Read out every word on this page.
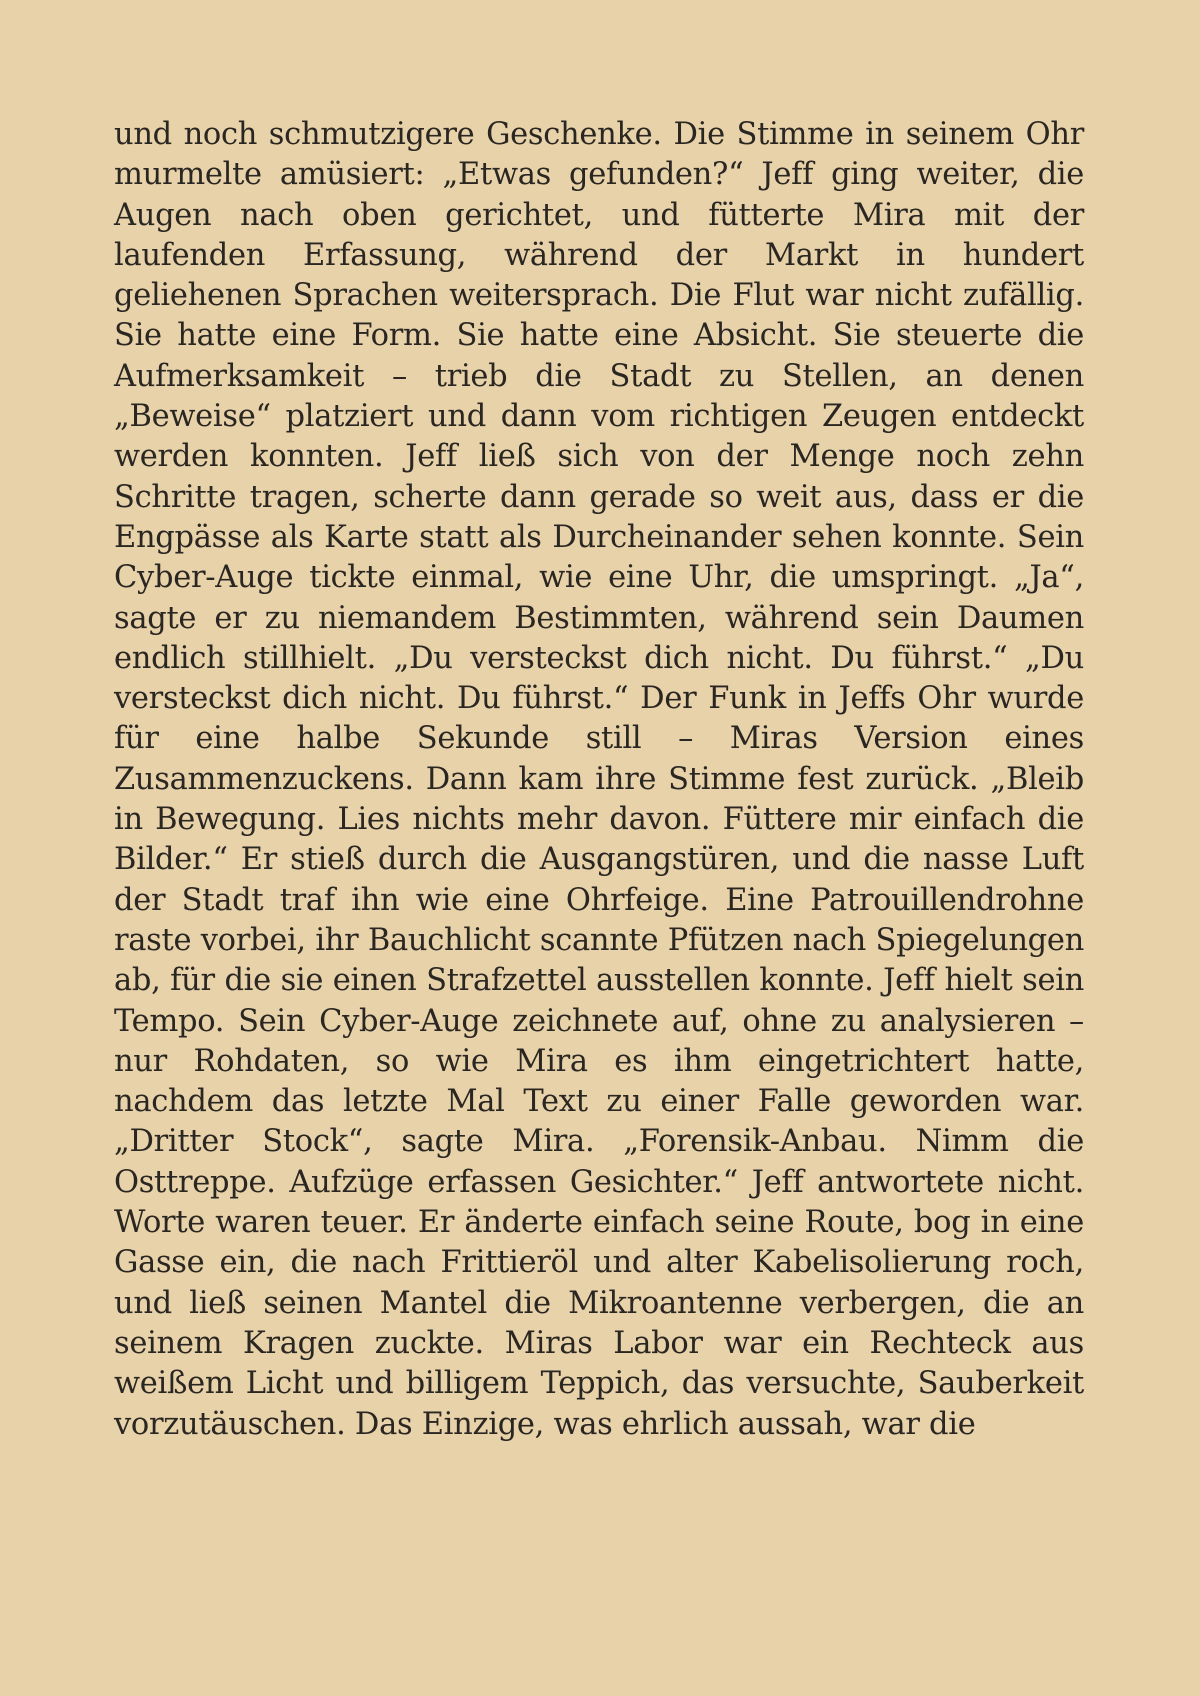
und noch schmutzigere Geschenke. Die Stimme in seinem Ohr murmelte amüsiert: „Etwas gefunden?“ Jeff ging weiter, die Augen nach oben gerichtet, und fütterte Mira mit der laufenden Erfassung, während der Markt in hundert geliehenen Sprachen weitersprach. Die Flut war nicht zufällig. Sie hatte eine Form. Sie hatte eine Absicht. Sie steuerte die Aufmerksamkeit – trieb die Stadt zu Stellen, an denen „Beweise“ platziert und dann vom richtigen Zeugen entdeckt werden konnten. Jeff ließ sich von der Menge noch zehn Schritte tragen, scherte dann gerade so weit aus, dass er die Engpässe als Karte statt als Durcheinander sehen konnte. Sein Cyber-Auge tickte einmal, wie eine Uhr, die umspringt. „Ja“, sagte er zu niemandem Bestimmten, während sein Daumen endlich stillhielt. „Du versteckst dich nicht. Du führst.“ „Du versteckst dich nicht. Du führst.“ Der Funk in Jeffs Ohr wurde für eine halbe Sekunde still – Miras Version eines Zusammenzuckens. Dann kam ihre Stimme fest zurück. „Bleib in Bewegung. Lies nichts mehr davon. Füttere mir einfach die Bilder.“ Er stieß durch die Ausgangstüren, und die nasse Luft der Stadt traf ihn wie eine Ohrfeige. Eine Patrouillendrohne raste vorbei, ihr Bauchlicht scannte Pfützen nach Spiegelungen ab, für die sie einen Strafzettel ausstellen konnte. Jeff hielt sein Tempo. Sein Cyber-Auge zeichnete auf, ohne zu analysieren – nur Rohdaten, so wie Mira es ihm eingetrichtert hatte, nachdem das letzte Mal Text zu einer Falle geworden war. „Dritter Stock“, sagte Mira. „Forensik-Anbau. Nimm die Osttreppe. Aufzüge erfassen Gesichter.“ Jeff antwortete nicht. Worte waren teuer. Er änderte einfach seine Route, bog in eine Gasse ein, die nach Frittieröl und alter Kabelisolierung roch, und ließ seinen Mantel die Mikroantenne verbergen, die an seinem Kragen zuckte. Miras Labor war ein Rechteck aus weißem Licht und billigem Teppich, das versuchte, Sauberkeit vorzutäuschen. Das Einzige, was ehrlich aussah, war die
